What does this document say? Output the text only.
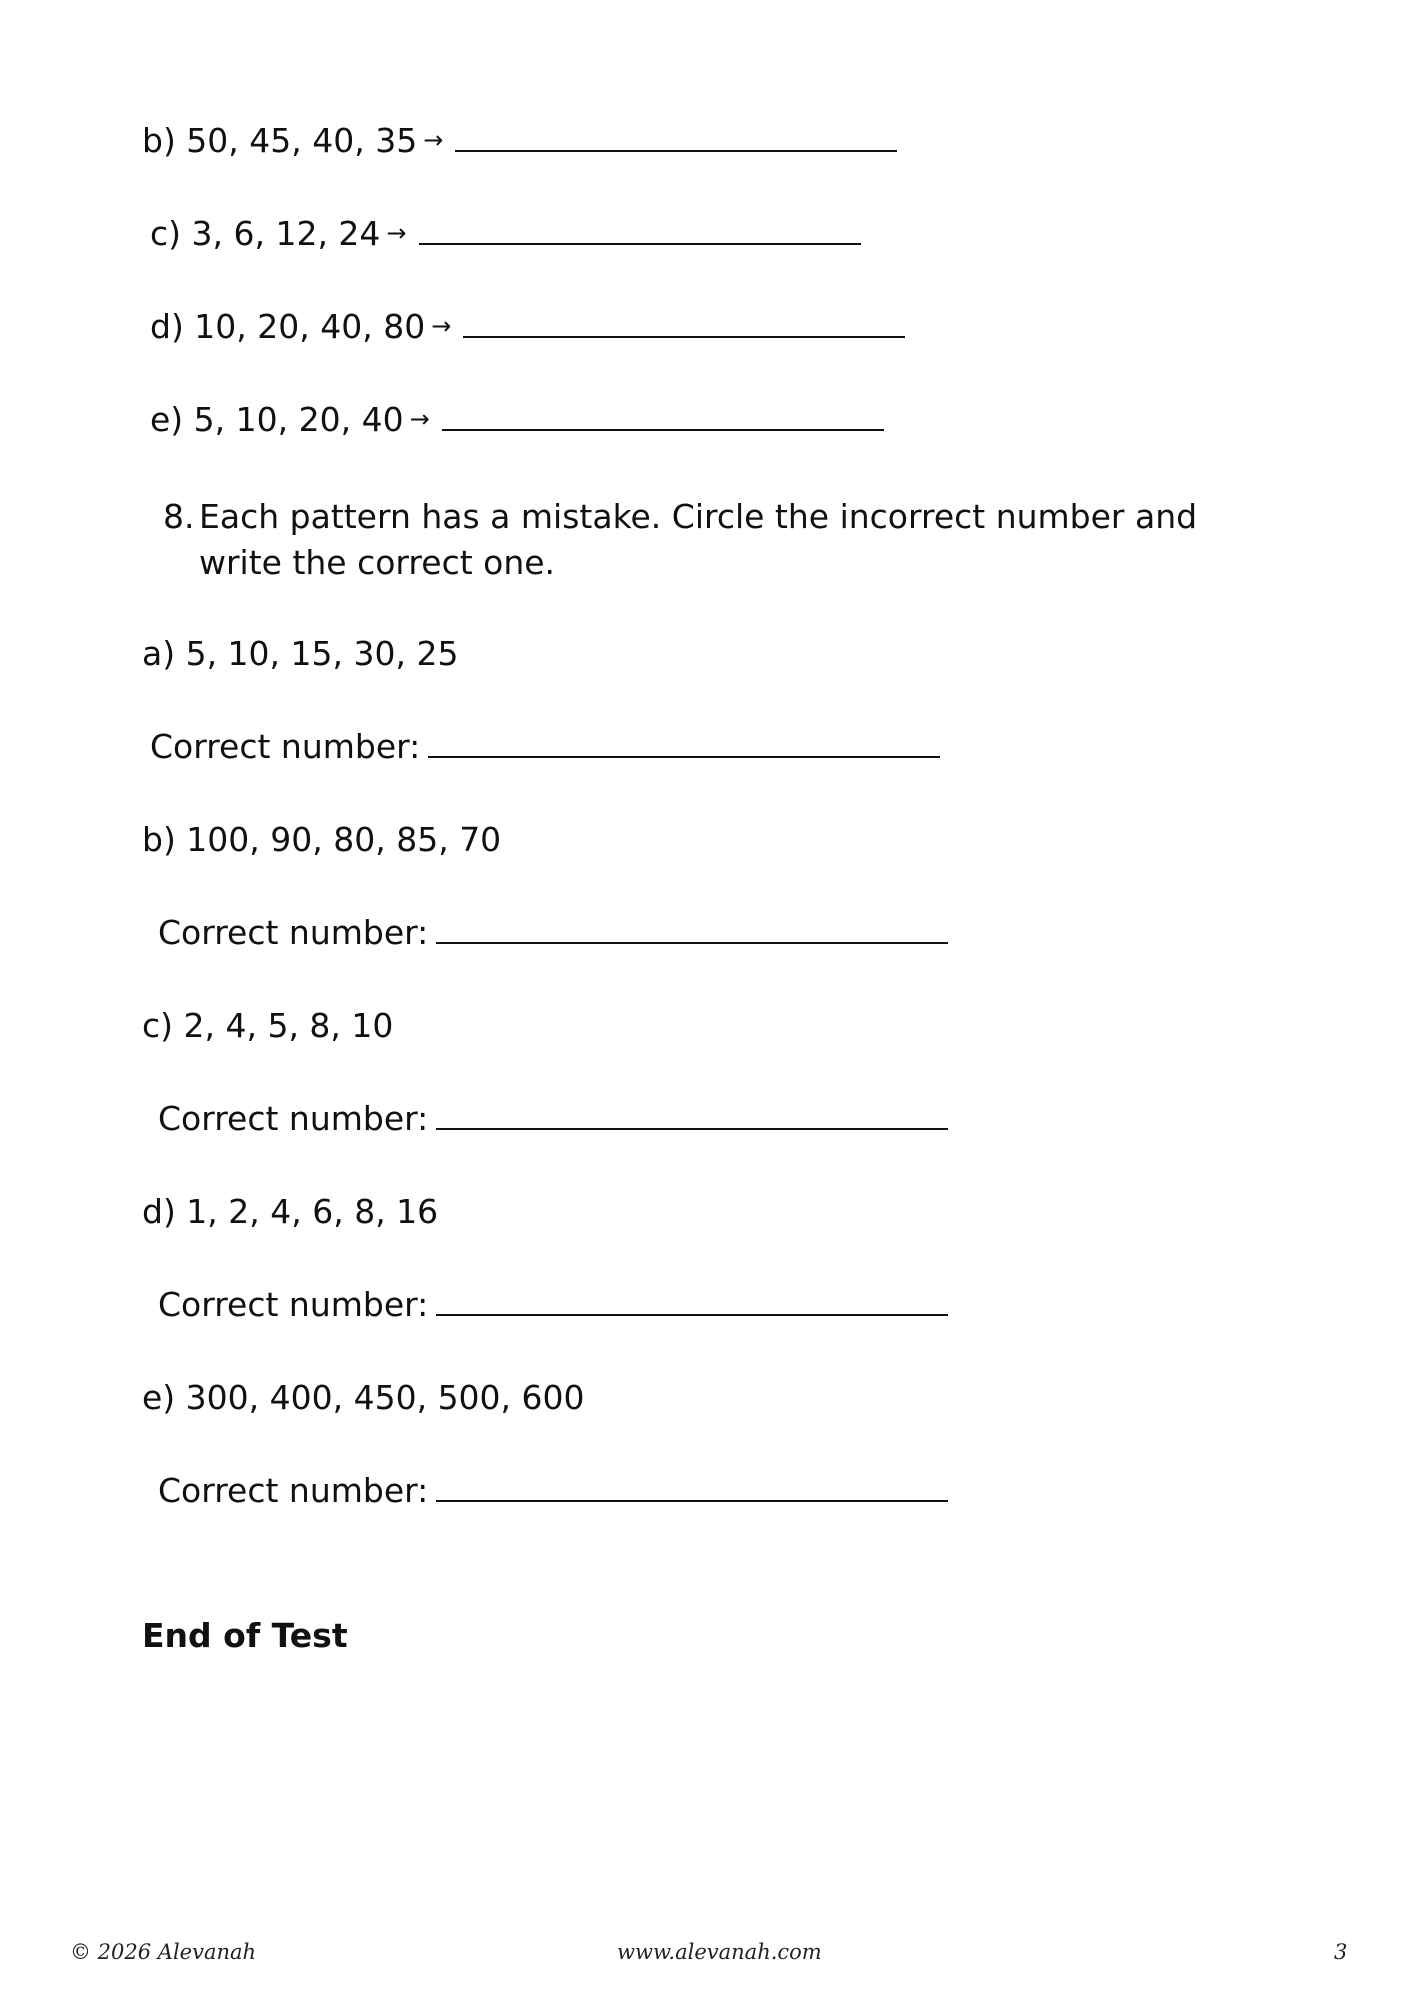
b) 50, 45, 40, 35 →
c) 3, 6, 12, 24 →
d) 10, 20, 40, 80 →
e) 5, 10, 20, 40 →
8. Each pattern has a mistake. Circle the incorrect number and write the correct one.
a) 5, 10, 15, 30, 25
Correct number:
b) 100, 90, 80, 85, 70
Correct number:
c) 2, 4, 5, 8, 10
Correct number:
d) 1, 2, 4, 6, 8, 16
Correct number:
e) 300, 400, 450, 500, 600
Correct number:
End of Test
© 2026 Alevanah	www.alevanah.com	3
